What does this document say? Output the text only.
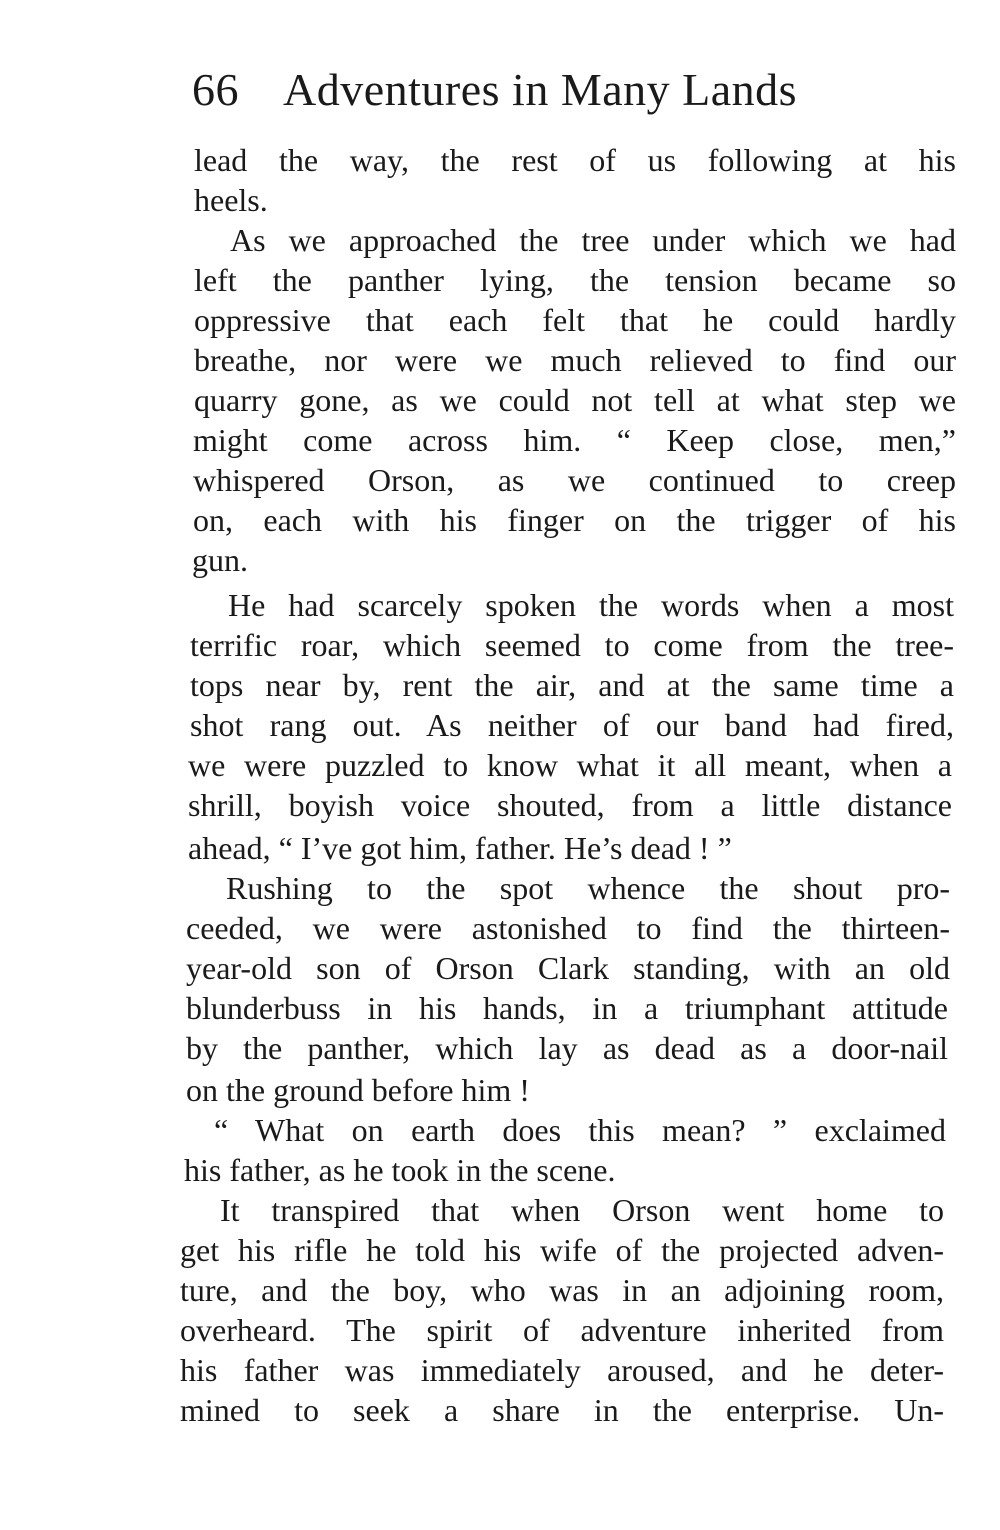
66 Adventures in Many Lands
lead the way, the rest of us following at his
heels.
As we approached the tree under which we had
left the panther lying, the tension became so
oppressive that each felt that he could hardly
breathe, nor were we much relieved to find our
quarry gone, as we could not tell at what step we
might come across him. “ Keep close, men,”
whispered Orson, as we continued to creep
on, each with his finger on the trigger of his
gun.
He had scarcely spoken the words when a most
terrific roar, which seemed to come from the tree-
tops near by, rent the air, and at the same time a
shot rang out. As neither of our band had fired,
we were puzzled to know what it all meant, when a
shrill, boyish voice shouted, from a little distance
ahead, “ I’ve got him, father. He’s dead ! ”
Rushing to the spot whence the shout pro-
ceeded, we were astonished to find the thirteen-
year-old son of Orson Clark standing, with an old
blunderbuss in his hands, in a triumphant attitude
by the panther, which lay as dead as a door-nail
on the ground before him !
“ What on earth does this mean? ” exclaimed
his father, as he took in the scene.
It transpired that when Orson went home to
get his rifle he told his wife of the projected adven-
ture, and the boy, who was in an adjoining room,
overheard. The spirit of adventure inherited from
his father was immediately aroused, and he deter-
mined to seek a share in the enterprise. Un-
